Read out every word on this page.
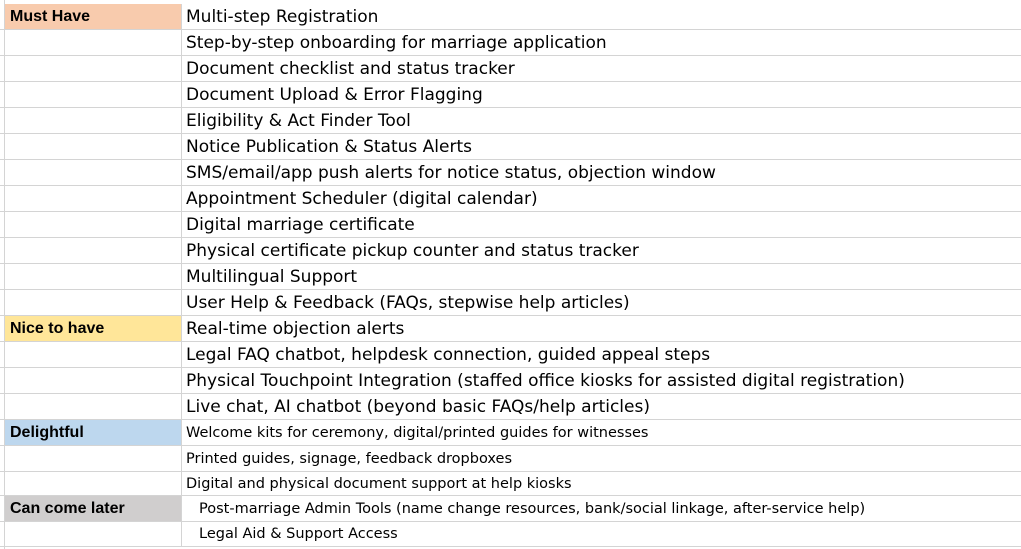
Must Have	Multi-step Registration
Step-by-step onboarding for marriage application
Document checklist and status tracker
Document Upload & Error Flagging
Eligibility & Act Finder Tool
Notice Publication & Status Alerts
SMS/email/app push alerts for notice status, objection window
Appointment Scheduler (digital calendar)
Digital marriage certificate
Physical certificate pickup counter and status tracker
Multilingual Support
User Help & Feedback (FAQs, stepwise help articles)
Nice to have	Real-time objection alerts
Legal FAQ chatbot, helpdesk connection, guided appeal steps
Physical Touchpoint Integration (staffed office kiosks for assisted digital registration)
Live chat, AI chatbot (beyond basic FAQs/help articles)
Delightful	Welcome kits for ceremony, digital/printed guides for witnesses
Printed guides, signage, feedback dropboxes
Digital and physical document support at help kiosks
Can come later	Post-marriage Admin Tools (name change resources, bank/social linkage, after-service help)
Legal Aid & Support Access
